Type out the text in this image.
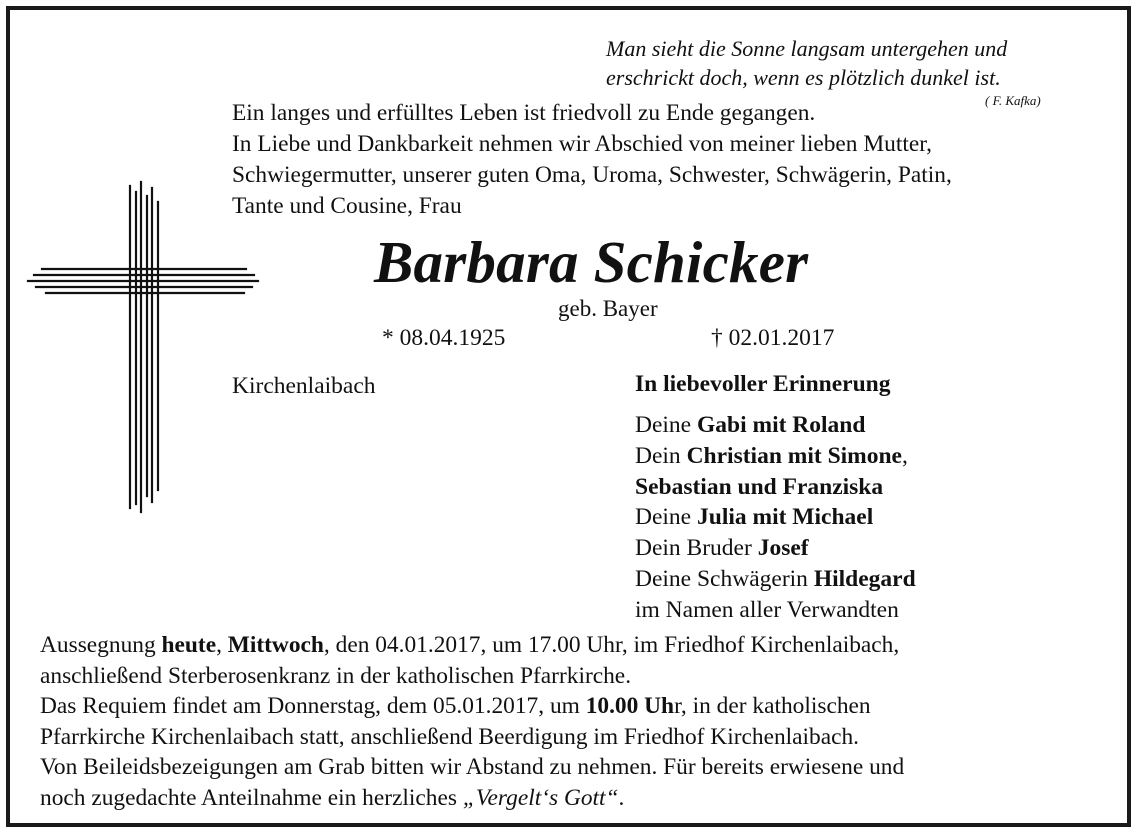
Man sieht die Sonne langsam untergehen und
erschrickt doch, wenn es plötzlich dunkel ist.
( F. Kafka)
Ein langes und erfülltes Leben ist friedvoll zu Ende gegangen.
In Liebe und Dankbarkeit nehmen wir Abschied von meiner lieben Mutter,
Schwiegermutter, unserer guten Oma, Uroma, Schwester, Schwägerin, Patin,
Tante und Cousine, Frau
Barbara Schicker
geb. Bayer
* 08.04.1925	† 02.01.2017
Kirchenlaibach	In liebevoller Erinnerung
Deine Gabi mit Roland
Dein Christian mit Simone,
Sebastian und Franziska
Deine Julia mit Michael
Dein Bruder Josef
Deine Schwägerin Hildegard
im Namen aller Verwandten
Aussegnung heute, Mittwoch, den 04.01.2017, um 17.00 Uhr, im Friedhof Kirchenlaibach,
anschließend Sterberosenkranz in der katholischen Pfarrkirche.
Das Requiem findet am Donnerstag, dem 05.01.2017, um 10.00 Uhr, in der katholischen
Pfarrkirche Kirchenlaibach statt, anschließend Beerdigung im Friedhof Kirchenlaibach.
Von Beileidsbezeigungen am Grab bitten wir Abstand zu nehmen. Für bereits erwiesene und
noch zugedachte Anteilnahme ein herzliches „Vergelt‘s Gott“.
